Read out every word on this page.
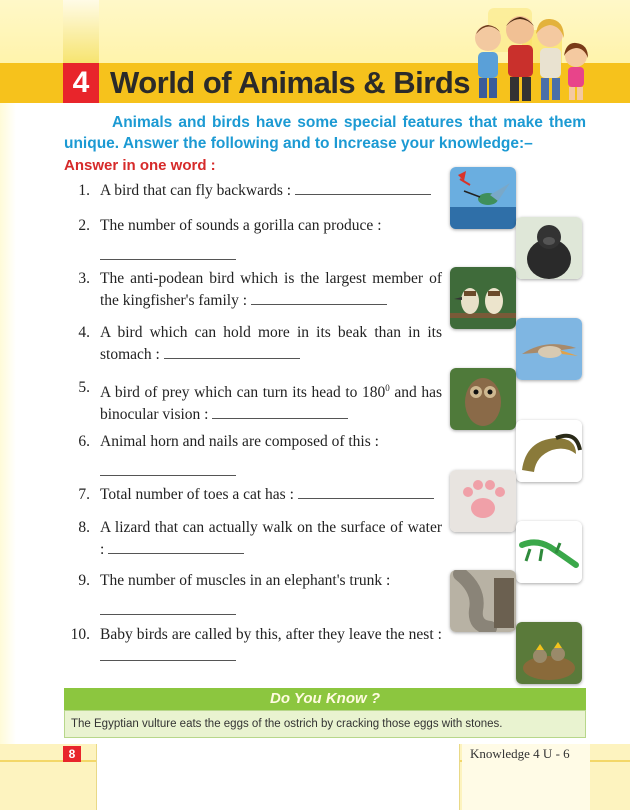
4 World of Animals & Birds
Animals and birds have some special features that make them unique. Answer the following and to Increase your knowledge:–
Answer in one word :
1. A bird that can fly backwards :
2. The number of sounds a gorilla can produce :
3. The anti-podean bird which is the largest member of the kingfisher's family :
4. A bird which can hold more in its beak than in its stomach :
5. A bird of prey which can turn its head to $180^0$ and has binocular vision :
6. Animal horn and nails are composed of this :
7. Total number of toes a cat has :
8. A lizard that can actually walk on the surface of water :
9. The number of muscles in an elephant's trunk :
10. Baby birds are called by this, after they leave the nest :
Do You Know ?
The Egyptian vulture eats the eggs of the ostrich by cracking those eggs with stones.
8	Knowledge 4 U - 6
